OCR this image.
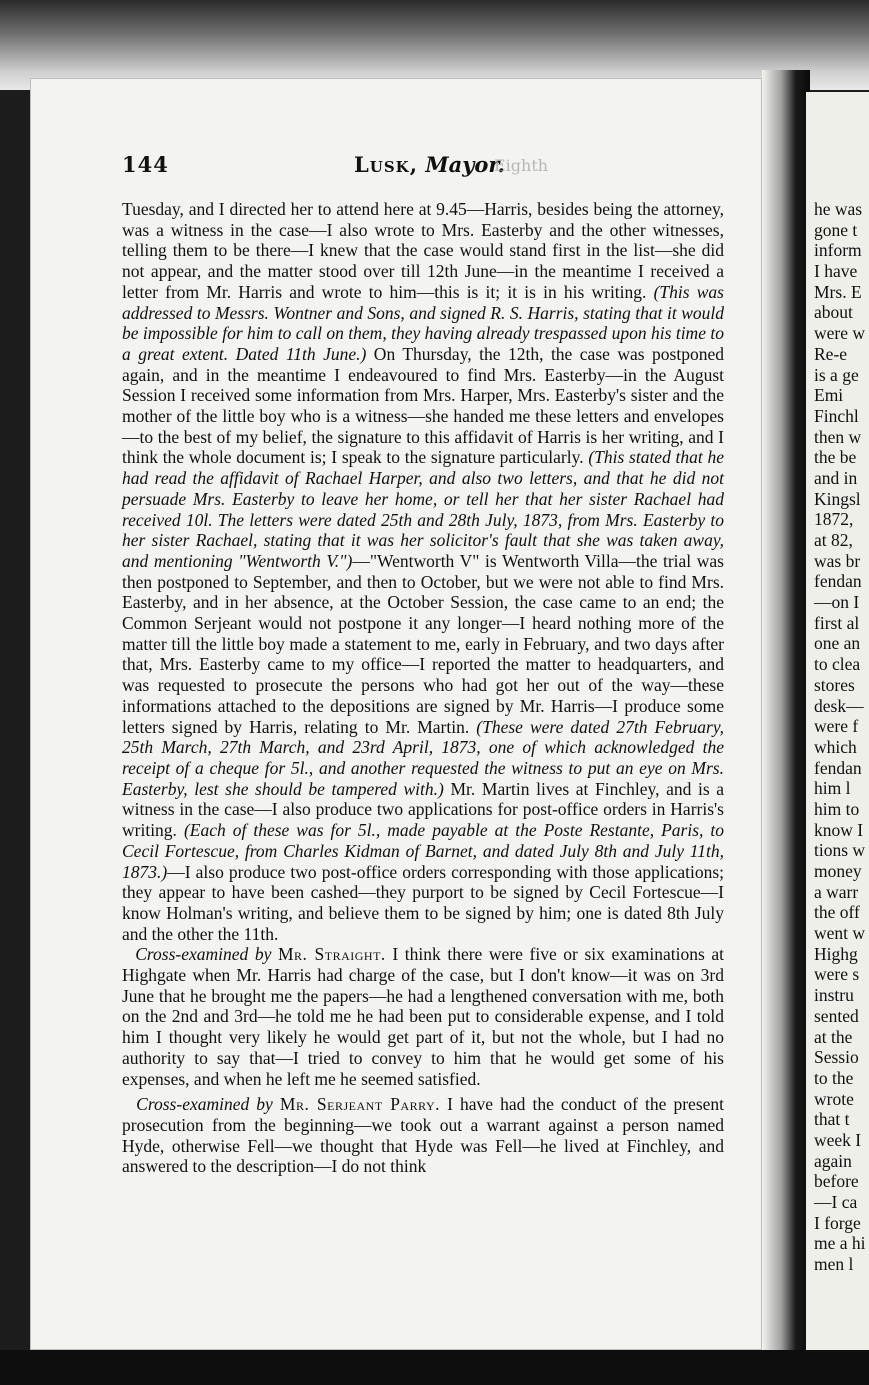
144	Lusk, Mayor.
Eighth

Tuesday, and I directed her to attend here at 9.45—Harris, besides being the attorney, was a witness in the case—I also wrote to Mrs. Easterby and the other witnesses, telling them to be there—I knew that the case would stand first in the list—she did not appear, and the matter stood over till 12th June—in the meantime I received a letter from Mr. Harris and wrote to him—this is it; it is in his writing. (This was addressed to Messrs. Wontner and Sons, and signed R. S. Harris, stating that it would be impossible for him to call on them, they having already trespassed upon his time to a great extent. Dated 11th June.) On Thursday, the 12th, the case was postponed again, and in the meantime I endeavoured to find Mrs. Easterby—in the August Session I received some information from Mrs. Harper, Mrs. Easterby's sister and the mother of the little boy who is a witness—she handed me these letters and envelopes—to the best of my belief, the signature to this affidavit of Harris is her writing, and I think the whole document is; I speak to the signature particularly. (This stated that he had read the affidavit of Rachael Harper, and also two letters, and that he did not persuade Mrs. Easterby to leave her home, or tell her that her sister Rachael had received 10l. The letters were dated 25th and 28th July, 1873, from Mrs. Easterby to her sister Rachael, stating that it was her solicitor's fault that she was taken away, and mentioning "Wentworth V.")—"Wentworth V" is Wentworth Villa—the trial was then postponed to September, and then to October, but we were not able to find Mrs. Easterby, and in her absence, at the October Session, the case came to an end; the Common Serjeant would not postpone it any longer—I heard nothing more of the matter till the little boy made a statement to me, early in February, and two days after that, Mrs. Easterby came to my office—I reported the matter to headquarters, and was requested to prosecute the persons who had got her out of the way—these informations attached to the depositions are signed by Mr. Harris—I produce some letters signed by Harris, relating to Mr. Martin. (These were dated 27th February, 25th March, 27th March, and 23rd April, 1873, one of which acknowledged the receipt of a cheque for 5l., and another requested the witness to put an eye on Mrs. Easterby, lest she should be tampered with.) Mr. Martin lives at Finchley, and is a witness in the case—I also produce two applications for post-office orders in Harris's writing. (Each of these was for 5l., made payable at the Poste Restante, Paris, to Cecil Fortescue, from Charles Kidman of Barnet, and dated July 8th and July 11th, 1873.)—I also produce two post-office orders corresponding with those applications; they appear to have been cashed—they purport to be signed by Cecil Fortescue—I know Holman's writing, and believe them to be signed by him; one is dated 8th July and the other the 11th.

Cross-examined by Mr. Straight. I think there were five or six examinations at Highgate when Mr. Harris had charge of the case, but I don't know—it was on 3rd June that he brought me the papers—he had a lengthened conversation with me, both on the 2nd and 3rd—he told me he had been put to considerable expense, and I told him I thought very likely he would get part of it, but not the whole, but I had no authority to say that—I tried to convey to him that he would get some of his expenses, and when he left me he seemed satisfied.

Cross-examined by Mr. Serjeant Parry. I have had the conduct of the present prosecution from the beginning—we took out a warrant against a person named Hyde, otherwise Fell—we thought that Hyde was Fell—he lived at Finchley, and answered to the description—I do not think

he was
gone t
inform
I have
Mrs. E
about
were w
Re-e
is a ge
Emi
Finchl
then w
the be
and in
Kingsl
1872,
at 82,
was br
fendan
—on I
first al
one an
to clea
stores
desk—
were f
which
fendan
him l
him to
know I
tions w
money
a warr
the off
went w
Highg
were s
instru
sented
at the
Sessio
to the
wrote
that t
week I
again
before
—I ca
I forge
me a hi
men l
